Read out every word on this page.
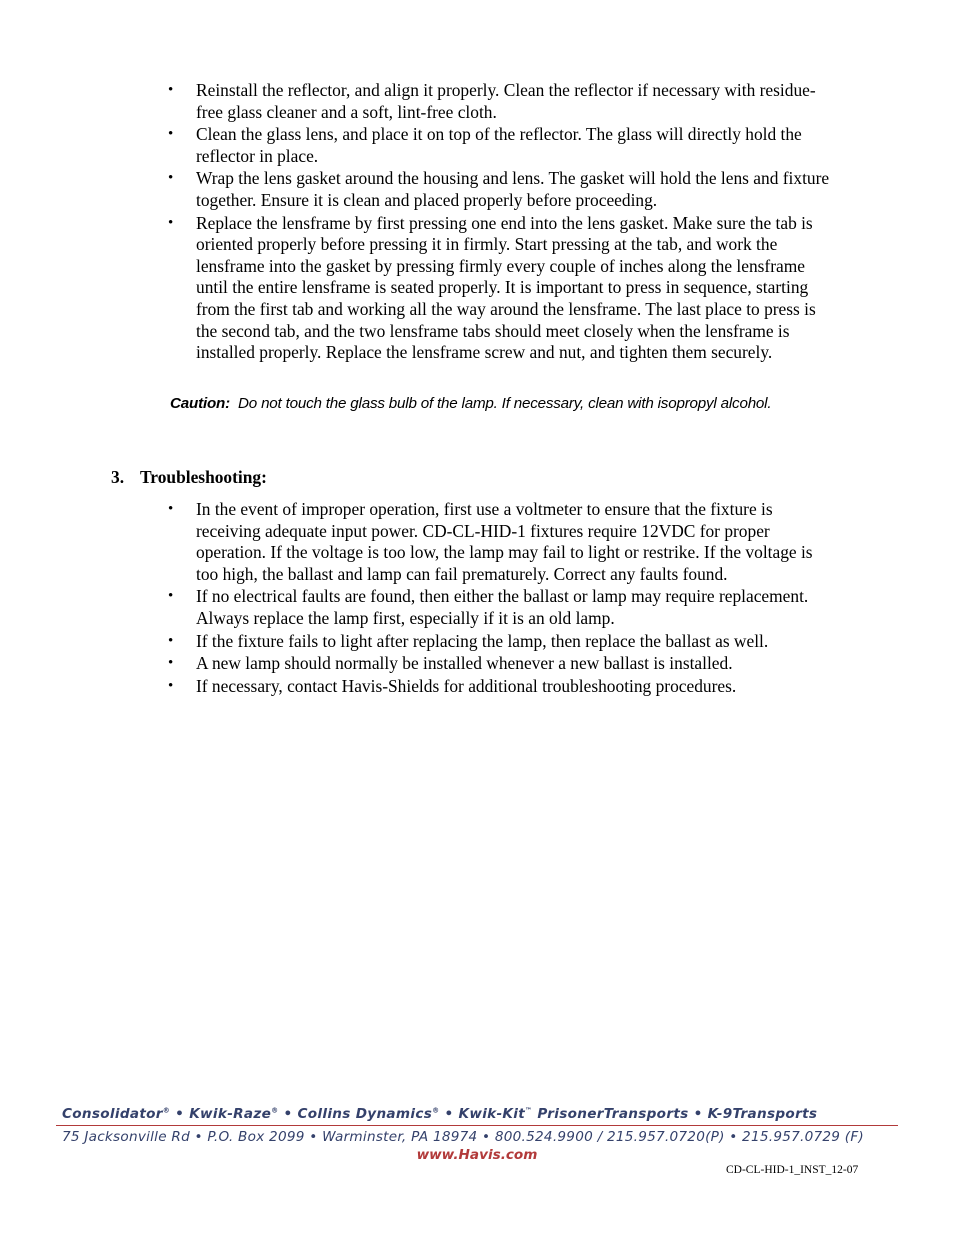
• Reinstall the reflector, and align it properly. Clean the reflector if necessary with residue-free glass cleaner and a soft, lint-free cloth.
• Clean the glass lens, and place it on top of the reflector. The glass will directly hold the reflector in place.
• Wrap the lens gasket around the housing and lens. The gasket will hold the lens and fixture together. Ensure it is clean and placed properly before proceeding.
• Replace the lensframe by first pressing one end into the lens gasket. Make sure the tab is oriented properly before pressing it in firmly. Start pressing at the tab, and work the lensframe into the gasket by pressing firmly every couple of inches along the lensframe until the entire lensframe is seated properly. It is important to press in sequence, starting from the first tab and working all the way around the lensframe. The last place to press is the second tab, and the two lensframe tabs should meet closely when the lensframe is installed properly. Replace the lensframe screw and nut, and tighten them securely.
Caution: Do not touch the glass bulb of the lamp. If necessary, clean with isopropyl alcohol.
3. Troubleshooting:
• In the event of improper operation, first use a voltmeter to ensure that the fixture is receiving adequate input power. CD-CL-HID-1 fixtures require 12VDC for proper operation. If the voltage is too low, the lamp may fail to light or restrike. If the voltage is too high, the ballast and lamp can fail prematurely. Correct any faults found.
• If no electrical faults are found, then either the ballast or lamp may require replacement. Always replace the lamp first, especially if it is an old lamp.
• If the fixture fails to light after replacing the lamp, then replace the ballast as well.
• A new lamp should normally be installed whenever a new ballast is installed.
• If necessary, contact Havis-Shields for additional troubleshooting procedures.
Consolidator® • Kwik-Raze® • Collins Dynamics® • Kwik-Kit™ PrisonerTransports • K-9Transports
75 Jacksonville Rd • P.O. Box 2099 • Warminster, PA 18974 • 800.524.9900 / 215.957.0720(P) • 215.957.0729 (F)
www.Havis.com
CD-CL-HID-1_INST_12-07
